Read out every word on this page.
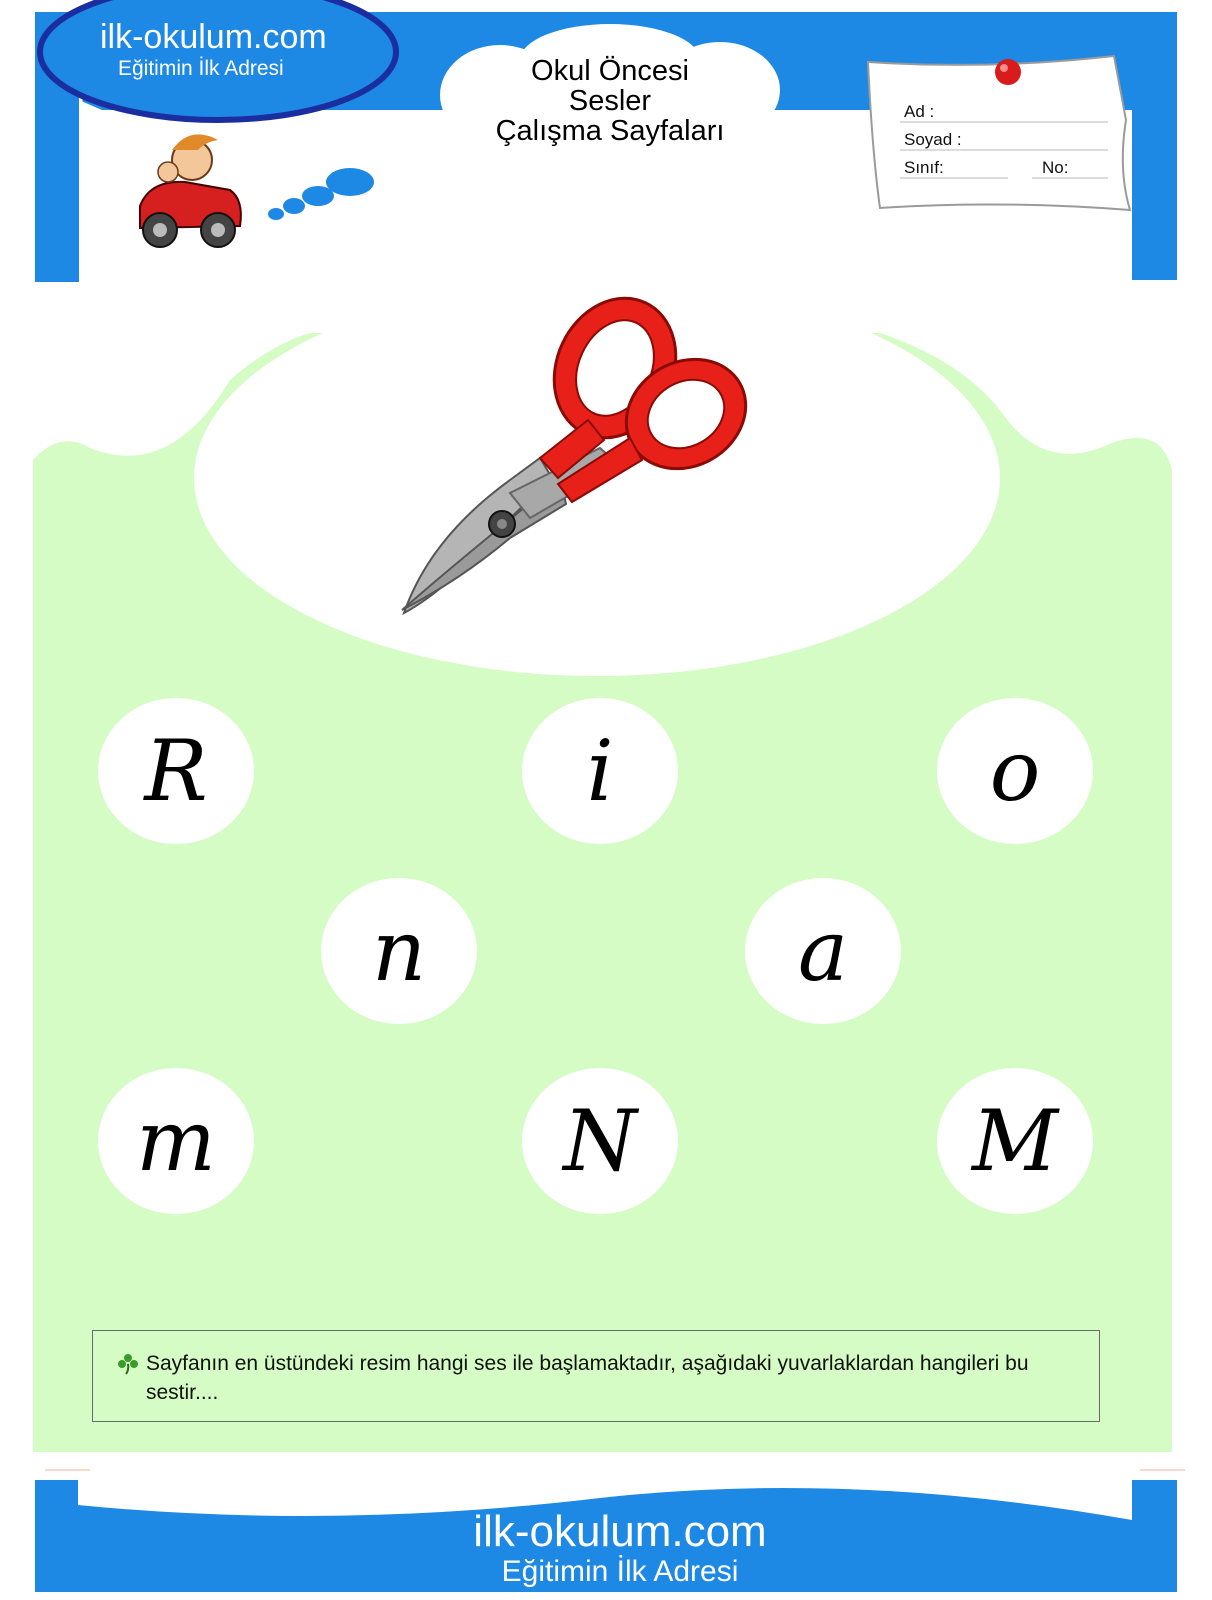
ilk-okulum.com
Eğitimin İlk Adresi	Okul Öncesi
Sesler
Çalışma Sayfaları
Ad :
Soyad :
Sınıf:	No:
R	i	o
n	a
m	N	M
Sayfanın en üstündeki resim hangi ses ile başlamaktadır, aşağıdaki yuvarlaklardan hangileri bu sestir....
ilk-okulum.com
Eğitimin İlk Adresi
